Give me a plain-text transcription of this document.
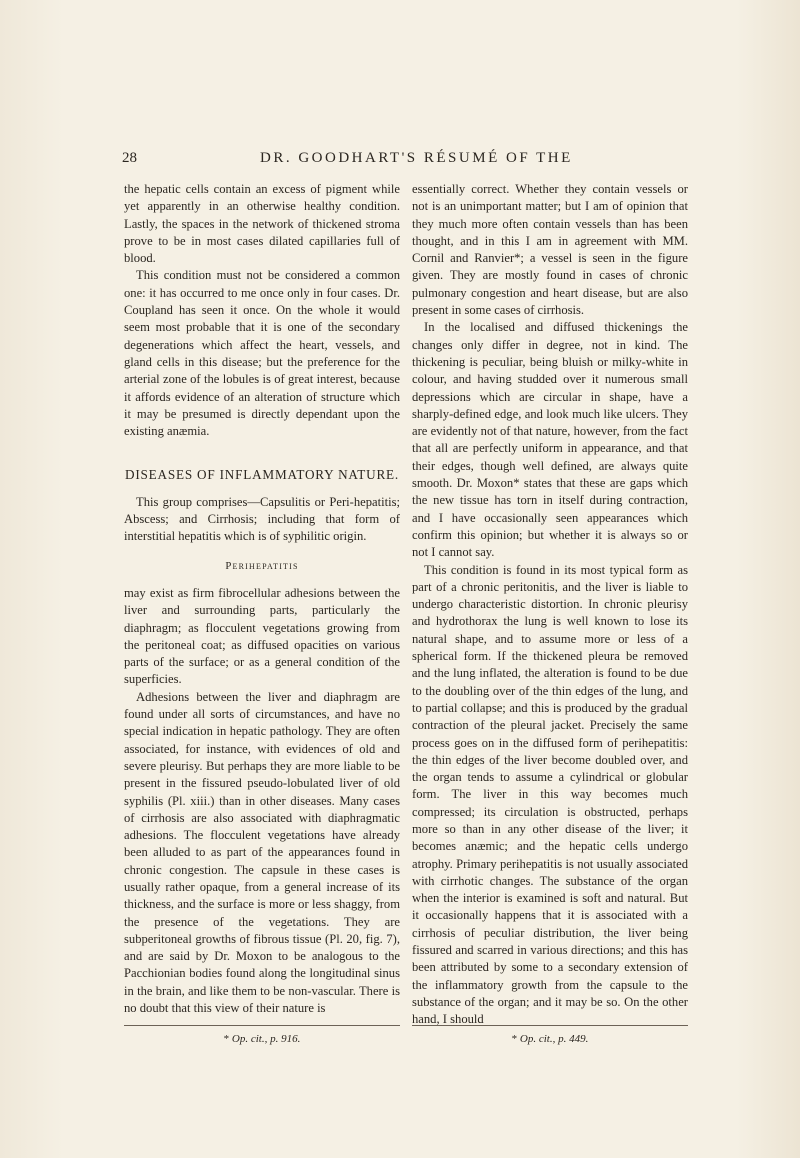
28	DR. GOODHART'S RÉSUMÉ OF THE

the hepatic cells contain an excess of pigment while yet apparently in an otherwise healthy condition. Lastly, the spaces in the network of thickened stroma prove to be in most cases dilated capillaries full of blood.

This condition must not be considered a common one: it has occurred to me once only in four cases. Dr. Coupland has seen it once. On the whole it would seem most probable that it is one of the secondary degenerations which affect the heart, vessels, and gland cells in this disease; but the preference for the arterial zone of the lobules is of great interest, because it affords evidence of an alteration of structure which it may be presumed is directly dependant upon the existing anæmia.

DISEASES OF INFLAMMATORY NATURE.

This group comprises—Capsulitis or Peri-hepatitis; Abscess; and Cirrhosis; including that form of interstitial hepatitis which is of syphilitic origin.

Perihepatitis

may exist as firm fibrocellular adhesions between the liver and surrounding parts, particularly the diaphragm; as flocculent vegetations growing from the peritoneal coat; as diffused opacities on various parts of the surface; or as a general condition of the superficies.

Adhesions between the liver and diaphragm are found under all sorts of circumstances, and have no special indication in hepatic pathology. They are often associated, for instance, with evidences of old and severe pleurisy. But perhaps they are more liable to be present in the fissured pseudo-lobulated liver of old syphilis (Pl. xiii.) than in other diseases. Many cases of cirrhosis are also associated with diaphragmatic adhesions. The flocculent vegetations have already been alluded to as part of the appearances found in chronic congestion. The capsule in these cases is usually rather opaque, from a general increase of its thickness, and the surface is more or less shaggy, from the presence of the vegetations. They are subperitoneal growths of fibrous tissue (Pl. 20, fig. 7), and are said by Dr. Moxon to be analogous to the Pacchionian bodies found along the longitudinal sinus in the brain, and like them to be non-vascular. There is no doubt that this view of their nature is

essentially correct. Whether they contain vessels or not is an unimportant matter; but I am of opinion that they much more often contain vessels than has been thought, and in this I am in agreement with MM. Cornil and Ranvier*; a vessel is seen in the figure given. They are mostly found in cases of chronic pulmonary congestion and heart disease, but are also present in some cases of cirrhosis.

In the localised and diffused thickenings the changes only differ in degree, not in kind. The thickening is peculiar, being bluish or milky-white in colour, and having studded over it numerous small depressions which are circular in shape, have a sharply-defined edge, and look much like ulcers. They are evidently not of that nature, however, from the fact that all are perfectly uniform in appearance, and that their edges, though well defined, are always quite smooth. Dr. Moxon* states that these are gaps which the new tissue has torn in itself during contraction, and I have occasionally seen appearances which confirm this opinion; but whether it is always so or not I cannot say.

This condition is found in its most typical form as part of a chronic peritonitis, and the liver is liable to undergo characteristic distortion. In chronic pleurisy and hydrothorax the lung is well known to lose its natural shape, and to assume more or less of a spherical form. If the thickened pleura be removed and the lung inflated, the alteration is found to be due to the doubling over of the thin edges of the lung, and to partial collapse; and this is produced by the gradual contraction of the pleural jacket. Precisely the same process goes on in the diffused form of perihepatitis: the thin edges of the liver become doubled over, and the organ tends to assume a cylindrical or globular form. The liver in this way becomes much compressed; its circulation is obstructed, perhaps more so than in any other disease of the liver; it becomes anæmic; and the hepatic cells undergo atrophy. Primary perihepatitis is not usually associated with cirrhotic changes. The substance of the organ when the interior is examined is soft and natural. But it occasionally happens that it is associated with a cirrhosis of peculiar distribution, the liver being fissured and scarred in various directions; and this has been attributed by some to a secondary extension of the inflammatory growth from the capsule to the substance of the organ; and it may be so. On the other hand, I should

* Op. cit., p. 916.	* Op. cit., p. 449.
